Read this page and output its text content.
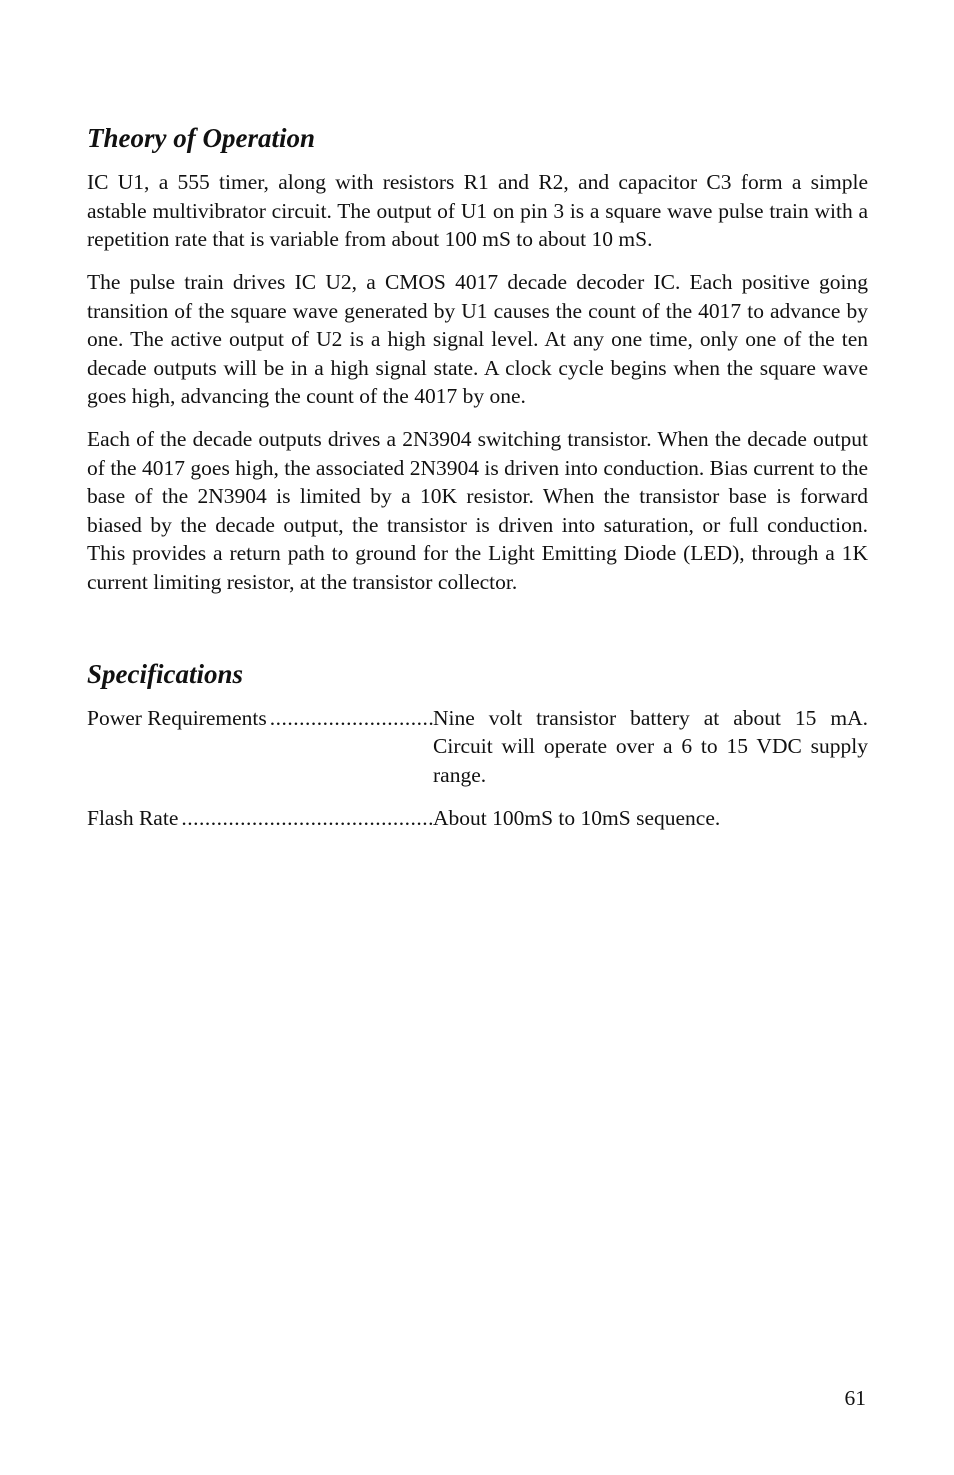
Theory of Operation

IC U1, a 555 timer, along with resistors R1 and R2, and capacitor C3 form a simple astable multivibrator circuit. The output of U1 on pin 3 is a square wave pulse train with a repetition rate that is variable from about 100 mS to about 10 mS.

The pulse train drives IC U2, a CMOS 4017 decade decoder IC. Each positive going transition of the square wave generated by U1 causes the count of the 4017 to advance by one. The active output of U2 is a high signal level. At any one time, only one of the ten decade outputs will be in a high signal state. A clock cycle begins when the square wave goes high, advancing the count of the 4017 by one.

Each of the decade outputs drives a 2N3904 switching transistor. When the decade output of the 4017 goes high, the associated 2N3904 is driven into conduction. Bias current to the base of the 2N3904 is limited by a 10K resistor. When the transistor base is forward biased by the decade output, the transistor is driven into saturation, or full conduction. This provides a return path to ground for the Light Emitting Diode (LED), through a 1K current limiting resistor, at the transistor collector.

Specifications
Power Requirements .....	Nine volt transistor battery at about 15 mA. Circuit will operate over a 6 to 15 VDC supply range.
Flash Rate .....	About 100mS to 10mS sequence.
61
